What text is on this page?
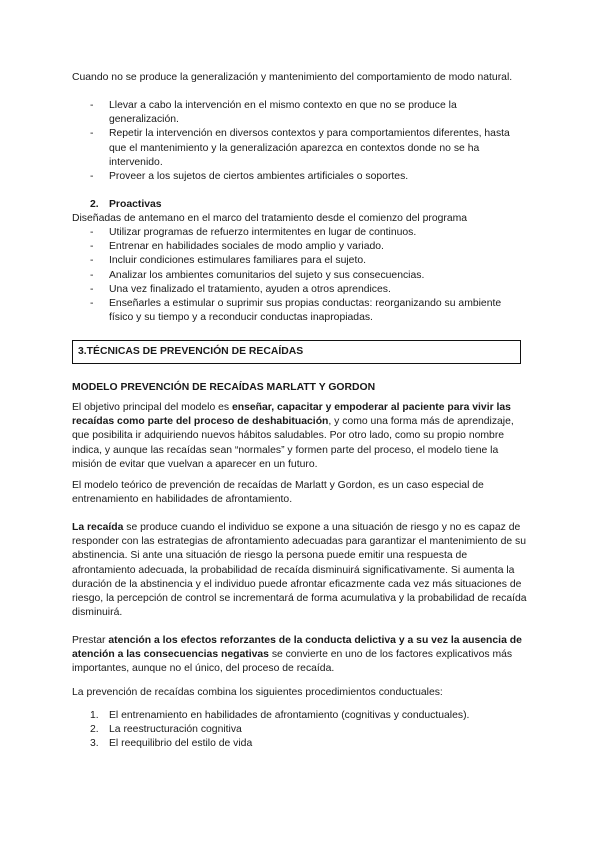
Cuando no se produce la generalización y mantenimiento del comportamiento de modo natural.

- Llevar a cabo la intervención en el mismo contexto en que no se produce la generalización.
- Repetir la intervención en diversos contextos y para comportamientos diferentes, hasta que el mantenimiento y la generalización aparezca en contextos donde no se ha intervenido.
- Proveer a los sujetos de ciertos ambientes artificiales o soportes.
2. Proactivas

Diseñadas de antemano en el marco del tratamiento desde el comienzo del programa

- Utilizar programas de refuerzo intermitentes en lugar de continuos.
- Entrenar en habilidades sociales de modo amplio y variado.
- Incluir condiciones estimulares familiares para el sujeto.
- Analizar los ambientes comunitarios del sujeto y sus consecuencias.
- Una vez finalizado el tratamiento, ayuden a otros aprendices.
- Enseñarles a estimular o suprimir sus propias conductas: reorganizando su ambiente físico y su tiempo y a reconducir conductas inapropiadas.
3.TÉCNICAS DE PREVENCIÓN DE RECAÍDAS

MODELO PREVENCIÓN DE RECAÍDAS MARLATT Y GORDON

El objetivo principal del modelo es enseñar, capacitar y empoderar al paciente para vivir las recaídas como parte del proceso de deshabituación, y como una forma más de aprendizaje, que posibilita ir adquiriendo nuevos hábitos saludables. Por otro lado, como su propio nombre indica, y aunque las recaídas sean “normales” y formen parte del proceso, el modelo tiene la misión de evitar que vuelvan a aparecer en un futuro.

El modelo teórico de prevención de recaídas de Marlatt y Gordon, es un caso especial de entrenamiento en habilidades de afrontamiento.

La recaída se produce cuando el individuo se expone a una situación de riesgo y no es capaz de responder con las estrategias de afrontamiento adecuadas para garantizar el mantenimiento de su abstinencia. Si ante una situación de riesgo la persona puede emitir una respuesta de afrontamiento adecuada, la probabilidad de recaída disminuirá significativamente. Si aumenta la duración de la abstinencia y el individuo puede afrontar eficazmente cada vez más situaciones de riesgo, la percepción de control se incrementará de forma acumulativa y la probabilidad de recaída disminuirá.

Prestar atención a los efectos reforzantes de la conducta delictiva y a su vez la ausencia de atención a las consecuencias negativas se convierte en uno de los factores explicativos más importantes, aunque no el único, del proceso de recaída.

La prevención de recaídas combina los siguientes procedimientos conductuales:

1. El entrenamiento en habilidades de afrontamiento (cognitivas y conductuales).
2. La reestructuración cognitiva
3. El reequilibrio del estilo de vida
